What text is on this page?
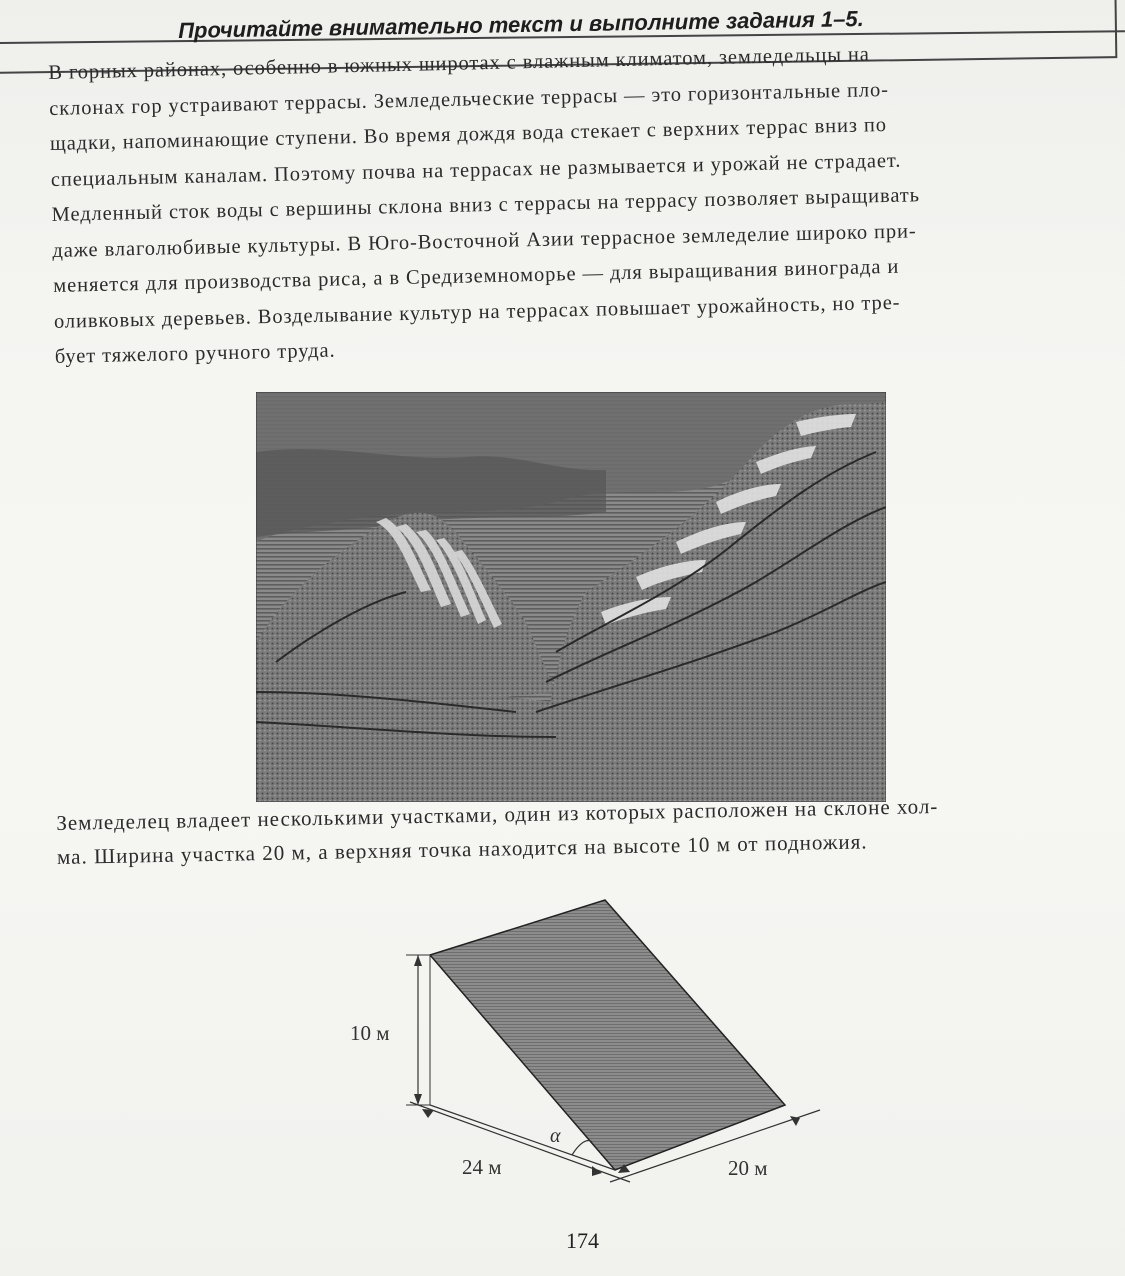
Прочитайте внимательно текст и выполните задания 1–5.
В горных районах, особенно в южных широтах с влажным климатом, земледельцы на
склонах гор устраивают террасы. Земледельческие террасы — это горизонтальные пло-
щадки, напоминающие ступени. Во время дождя вода стекает с верхних террас вниз по
специальным каналам. Поэтому почва на террасах не размывается и урожай не страдает.
Медленный сток воды с вершины склона вниз с террасы на террасу позволяет выращивать
даже влаголюбивые культуры. В Юго-Восточной Азии террасное земледелие широко при-
меняется для производства риса, а в Средиземноморье — для выращивания винограда и
оливковых деревьев. Возделывание культур на террасах повышает урожайность, но тре-
бует тяжелого ручного труда.
Земледелец владеет несколькими участками, один из которых расположен на склоне хол-
ма. Ширина участка 20 м, а верхняя точка находится на высоте 10 м от подножия.
10 м
24 м	20 м
α
174
